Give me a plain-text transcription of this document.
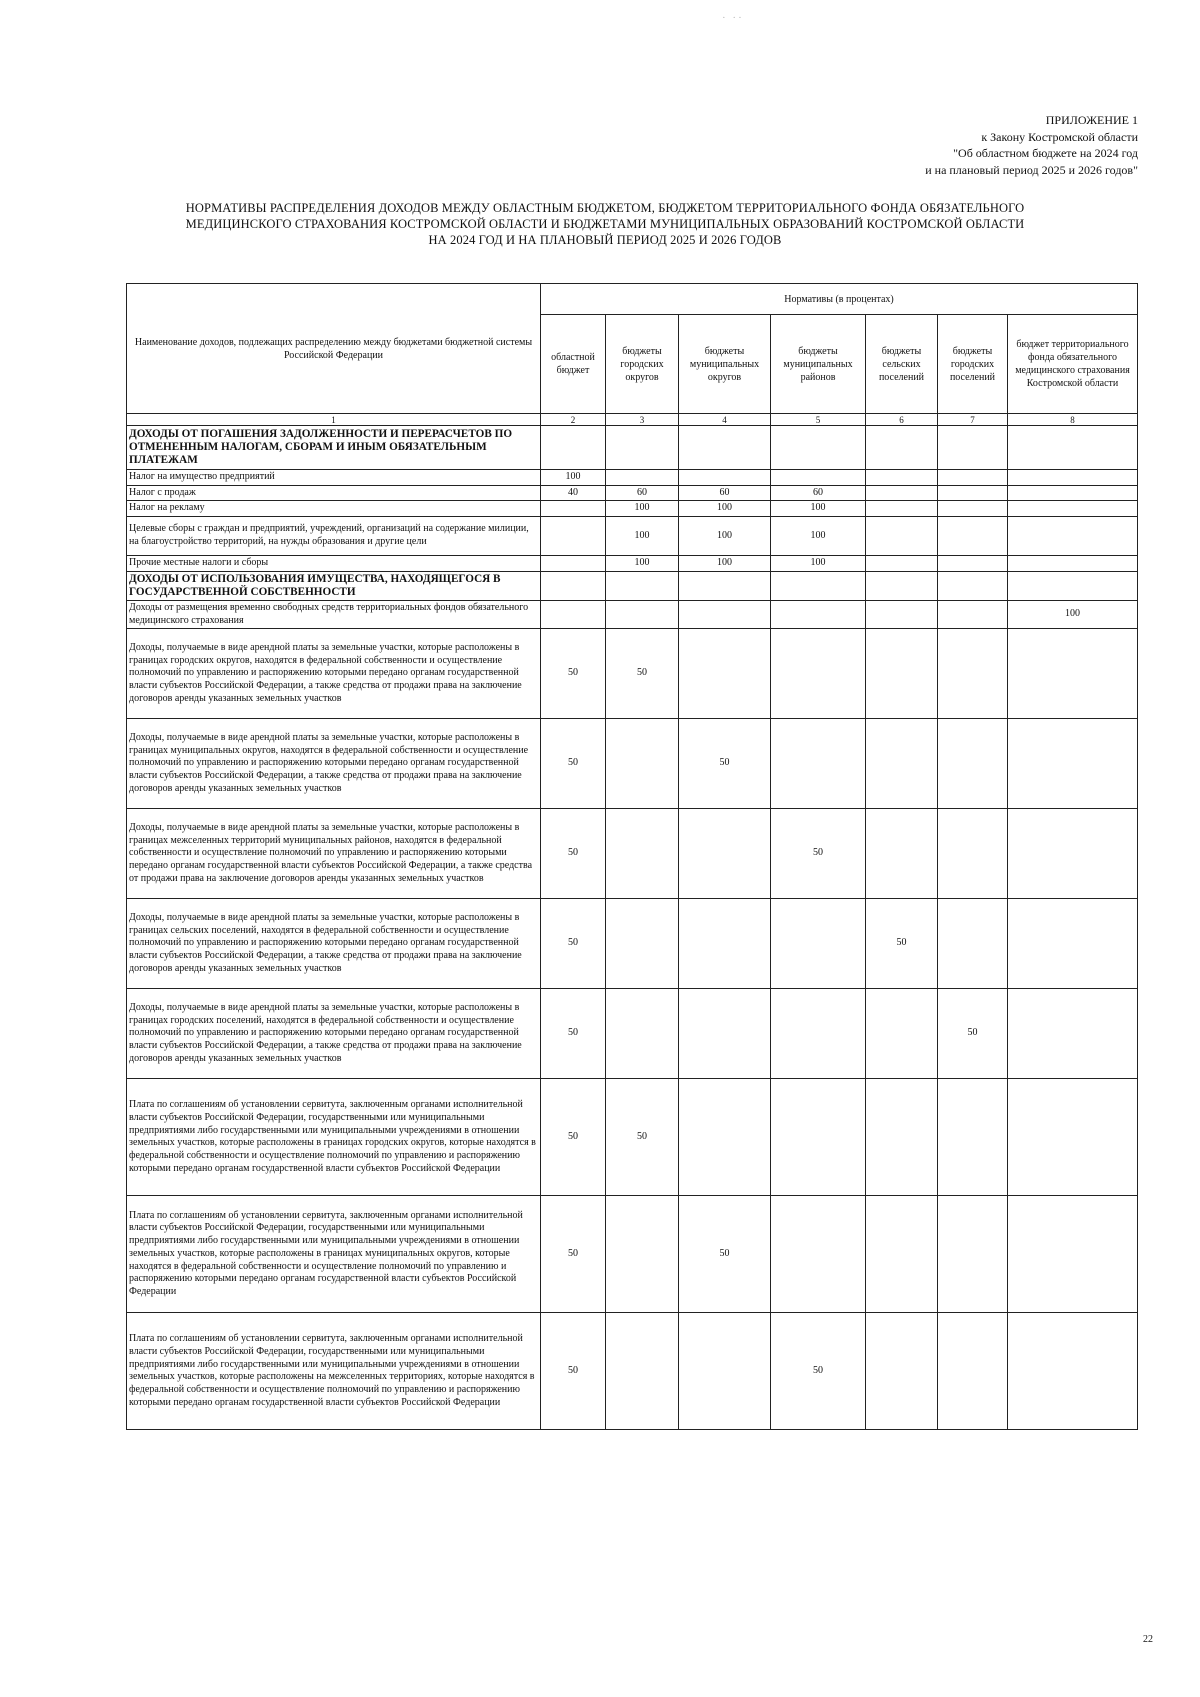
· ··
ПРИЛОЖЕНИЕ 1
к Закону Костромской области
"Об областном бюджете на 2024 год
и на плановый период 2025 и 2026 годов"
НОРМАТИВЫ РАСПРЕДЕЛЕНИЯ ДОХОДОВ МЕЖДУ ОБЛАСТНЫМ БЮДЖЕТОМ, БЮДЖЕТОМ ТЕРРИТОРИАЛЬНОГО ФОНДА ОБЯЗАТЕЛЬНОГО
МЕДИЦИНСКОГО СТРАХОВАНИЯ КОСТРОМСКОЙ ОБЛАСТИ И БЮДЖЕТАМИ МУНИЦИПАЛЬНЫХ ОБРАЗОВАНИЙ КОСТРОМСКОЙ ОБЛАСТИ
НА 2024 ГОД И НА ПЛАНОВЫЙ ПЕРИОД 2025 И 2026 ГОДОВ
Наименование доходов, подлежащих распределению между бюджетами бюджетной системы Российской Федерации	Нормативы (в процентах)						
	областной бюджет	бюджеты городских округов	бюджеты муниципальных округов	бюджеты муниципальных районов	бюджеты сельских поселений	бюджеты городских поселений	бюджет территориального фонда обязательного медицинского страхования Костромской области
1	2	3	4	5	6	7	8
ДОХОДЫ ОТ ПОГАШЕНИЯ ЗАДОЛЖЕННОСТИ И ПЕРЕРАСЧЕТОВ ПО ОТМЕНЕННЫМ НАЛОГАМ, СБОРАМ И ИНЫМ ОБЯЗАТЕЛЬНЫМ ПЛАТЕЖАМ							
Налог на имущество предприятий	100						
Налог с продаж	40	60	60	60			
Налог на рекламу		100	100	100			
Целевые сборы с граждан и предприятий, учреждений, организаций на содержание милиции, на благоустройство территорий, на нужды образования и другие цели		100	100	100			
Прочие местные налоги и сборы		100	100	100			
ДОХОДЫ ОТ ИСПОЛЬЗОВАНИЯ ИМУЩЕСТВА, НАХОДЯЩЕГОСЯ В ГОСУДАРСТВЕННОЙ СОБСТВЕННОСТИ							
Доходы от размещения временно свободных средств территориальных фондов обязательного медицинского страхования							100
Доходы, получаемые в виде арендной платы за земельные участки, которые расположены в границах городских округов, находятся в федеральной собственности и осуществление полномочий по управлению и распоряжению которыми передано органам государственной власти субъектов Российской Федерации, а также средства от продажи права на заключение договоров аренды указанных земельных участков	50	50					
Доходы, получаемые в виде арендной платы за земельные участки, которые расположены в границах муниципальных округов, находятся в федеральной собственности и осуществление полномочий по управлению и распоряжению которыми передано органам государственной власти субъектов Российской Федерации, а также средства от продажи права на заключение договоров аренды указанных земельных участков	50		50				
Доходы, получаемые в виде арендной платы за земельные участки, которые расположены в границах межселенных территорий муниципальных районов, находятся в федеральной собственности и осуществление полномочий по управлению и распоряжению которыми передано органам государственной власти субъектов Российской Федерации, а также средства от продажи права на заключение договоров аренды указанных земельных участков	50			50			
Доходы, получаемые в виде арендной платы за земельные участки, которые расположены в границах сельских поселений, находятся в федеральной собственности и осуществление полномочий по управлению и распоряжению которыми передано органам государственной власти субъектов Российской Федерации, а также средства от продажи права на заключение договоров аренды указанных земельных участков	50				50		
Доходы, получаемые в виде арендной платы за земельные участки, которые расположены в границах городских поселений, находятся в федеральной собственности и осуществление полномочий по управлению и распоряжению которыми передано органам государственной власти субъектов Российской Федерации, а также средства от продажи права на заключение договоров аренды указанных земельных участков	50					50	
Плата по соглашениям об установлении сервитута, заключенным органами исполнительной власти субъектов Российской Федерации, государственными или муниципальными предприятиями либо государственными или муниципальными учреждениями в отношении земельных участков, которые расположены в границах городских округов, которые находятся в федеральной собственности и осуществление полномочий по управлению и распоряжению которыми передано органам государственной власти субъектов Российской Федерации	50	50					
Плата по соглашениям об установлении сервитута, заключенным органами исполнительной власти субъектов Российской Федерации, государственными или муниципальными предприятиями либо государственными или муниципальными учреждениями в отношении земельных участков, которые расположены в границах муниципальных округов, которые находятся в федеральной собственности и осуществление полномочий по управлению и распоряжению которыми передано органам государственной власти субъектов Российской Федерации	50		50				
Плата по соглашениям об установлении сервитута, заключенным органами исполнительной власти субъектов Российской Федерации, государственными или муниципальными предприятиями либо государственными или муниципальными учреждениями в отношении земельных участков, которые расположены на межселенных территориях, которые находятся в федеральной собственности и осуществление полномочий по управлению и распоряжению которыми передано органам государственной власти субъектов Российской Федерации	50			50			
22
